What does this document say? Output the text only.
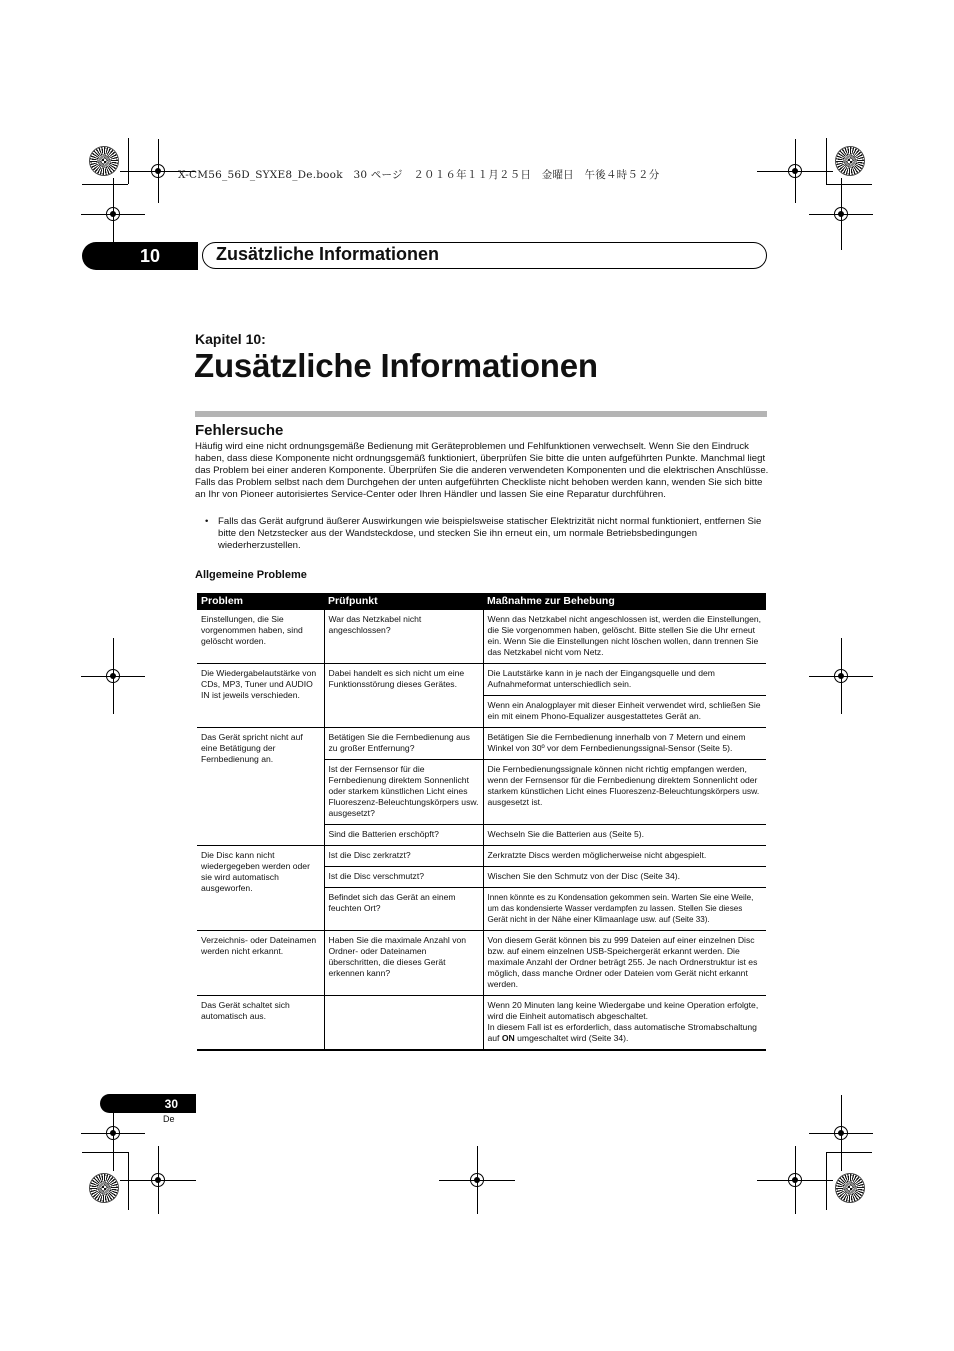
X-CM56_56D_SYXE8_De.book　30 ページ　２０１６年１１月２５日　金曜日　午後４時５２分
10	Zusätzliche Informationen
Kapitel 10:
Zusätzliche Informationen
Fehlersuche
Häufig wird eine nicht ordnungsgemäße Bedienung mit Geräteproblemen und Fehlfunktionen verwechselt. Wenn Sie den Eindruck haben, dass diese Komponente nicht ordnungsgemäß funktioniert, überprüfen Sie bitte die unten aufgeführten Punkte. Manchmal liegt das Problem bei einer anderen Komponente. Überprüfen Sie die anderen verwendeten Komponenten und die elektrischen Anschlüsse. Falls das Problem selbst nach dem Durchgehen der unten aufgeführten Checkliste nicht behoben werden kann, wenden Sie sich bitte an Ihr von Pioneer autorisiertes Service-Center oder Ihren Händler und lassen Sie eine Reparatur durchführen.
•	Falls das Gerät aufgrund äußerer Auswirkungen wie beispielsweise statischer Elektrizität nicht normal funktioniert, entfernen Sie bitte den Netzstecker aus der Wandsteckdose, und stecken Sie ihn erneut ein, um normale Betriebsbedingungen wiederherzustellen.
Allgemeine Probleme
Problem	Prüfpunkt	Maßnahme zur Behebung
Einstellungen, die Sie vorgenommen haben, sind gelöscht worden.	War das Netzkabel nicht angeschlossen?	Wenn das Netzkabel nicht angeschlossen ist, werden die Einstellungen, die Sie vorgenommen haben, gelöscht. Bitte stellen Sie die Uhr erneut ein. Wenn Sie die Einstellungen nicht löschen wollen, dann trennen Sie das Netzkabel nicht vom Netz.
Die Wiedergabelautstärke von CDs, MP3, Tuner und AUDIO IN ist jeweils verschieden.	Dabei handelt es sich nicht um eine Funktionsstörung dieses Gerätes.	Die Lautstärke kann in je nach der Eingangsquelle und dem Aufnahmeformat unterschiedlich sein.
		Wenn ein Analogplayer mit dieser Einheit verwendet wird, schließen Sie ein mit einem Phono-Equalizer ausgestattetes Gerät an.
Das Gerät spricht nicht auf eine Betätigung der Fernbedienung an.	Betätigen Sie die Fernbedienung aus zu großer Entfernung?	Betätigen Sie die Fernbedienung innerhalb von 7 Metern und einem Winkel von 30º vor dem Fernbedienungssignal-Sensor (Seite 5).
	Ist der Fernsensor für die Fernbedienung direktem Sonnenlicht oder starkem künstlichen Licht eines Fluoreszenz-Beleuchtungskörpers usw. ausgesetzt?	Die Fernbedienungssignale können nicht richtig empfangen werden, wenn der Fernsensor für die Fernbedienung direktem Sonnenlicht oder starkem künstlichen Licht eines Fluoreszenz-Beleuchtungskörpers usw. ausgesetzt ist.
	Sind die Batterien erschöpft?	Wechseln Sie die Batterien aus (Seite 5).
Die Disc kann nicht wiedergegeben werden oder sie wird automatisch ausgeworfen.	Ist die Disc zerkratzt?	Zerkratzte Discs werden möglicherweise nicht abgespielt.
	Ist die Disc verschmutzt?	Wischen Sie den Schmutz von der Disc (Seite 34).
	Befindet sich das Gerät an einem feuchten Ort?	Innen könnte es zu Kondensation gekommen sein. Warten Sie eine Weile, um das kondensierte Wasser verdampfen zu lassen. Stellen Sie dieses Gerät nicht in der Nähe einer Klimaanlage usw. auf (Seite 33).
Verzeichnis- oder Dateinamen werden nicht erkannt.	Haben Sie die maximale Anzahl von Ordner- oder Dateinamen überschritten, die dieses Gerät erkennen kann?	Von diesem Gerät können bis zu 999 Dateien auf einer einzelnen Disc bzw. auf einem einzelnen USB-Speichergerät erkannt werden. Die maximale Anzahl der Ordner beträgt 255. Je nach Ordnerstruktur ist es möglich, dass manche Ordner oder Dateien vom Gerät nicht erkannt werden.
Das Gerät schaltet sich automatisch aus.		Wenn 20 Minuten lang keine Wiedergabe und keine Operation erfolgte, wird die Einheit automatisch abgeschaltet.
In diesem Fall ist es erforderlich, dass automatische Stromabschaltung auf ON umgeschaltet wird (Seite 34).
30
De
